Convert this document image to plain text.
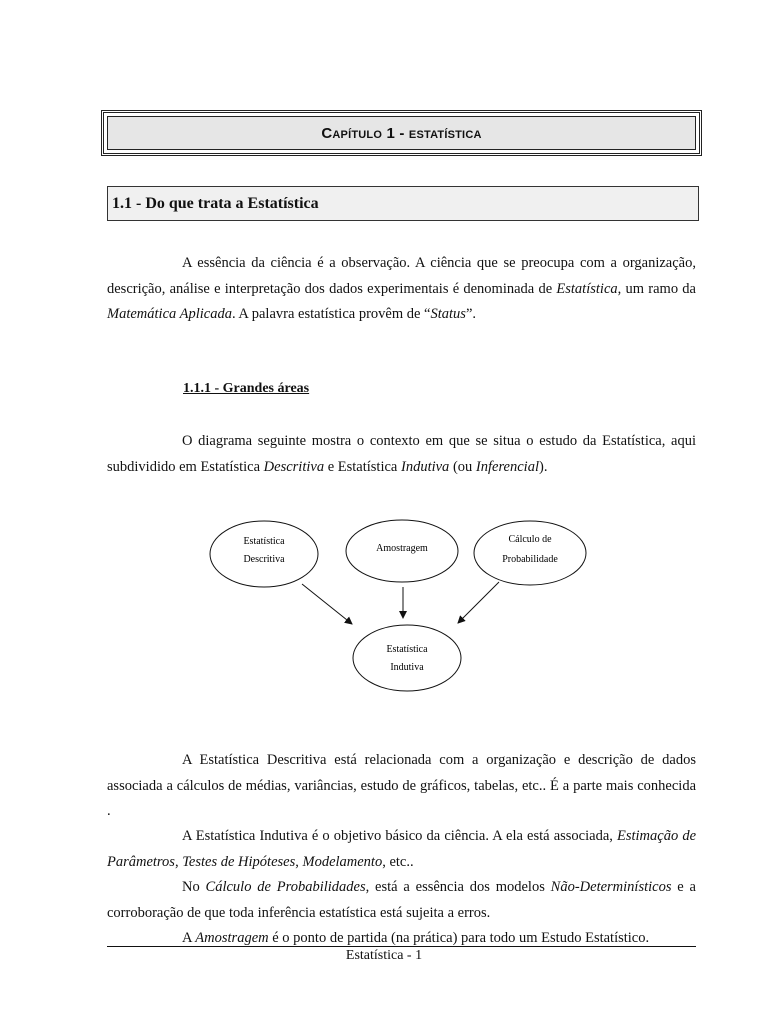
Capítulo 1 - estatística
1.1 - Do que trata a Estatística

A essência da ciência é a observação. A ciência que se preocupa com a organização, descrição, análise e interpretação dos dados experimentais é denominada de Estatística, um ramo da Matemática Aplicada. A palavra estatística provêm de “Status”.

1.1.1 - Grandes áreas

O diagrama seguinte mostra o contexto em que se situa o estudo da Estatística, aqui subdividido em Estatística Descritiva e Estatística Indutiva (ou Inferencial).

Estatística
Descritiva
Amostragem
Cálculo de
Probabilidade
Estatística
Indutiva

A Estatística Descritiva está relacionada com a organização e descrição de dados associada a cálculos de médias, variâncias, estudo de gráficos, tabelas, etc.. É a parte mais conhecida .

A Estatística Indutiva é o objetivo básico da ciência. A ela está associada, Estimação de Parâmetros, Testes de Hipóteses, Modelamento, etc..

No Cálculo de Probabilidades, está a essência dos modelos Não-Determinísticos e a corroboração de que toda inferência estatística está sujeita a erros.

A Amostragem é o ponto de partida (na prática) para todo um Estudo Estatístico.

Estatística - 1
